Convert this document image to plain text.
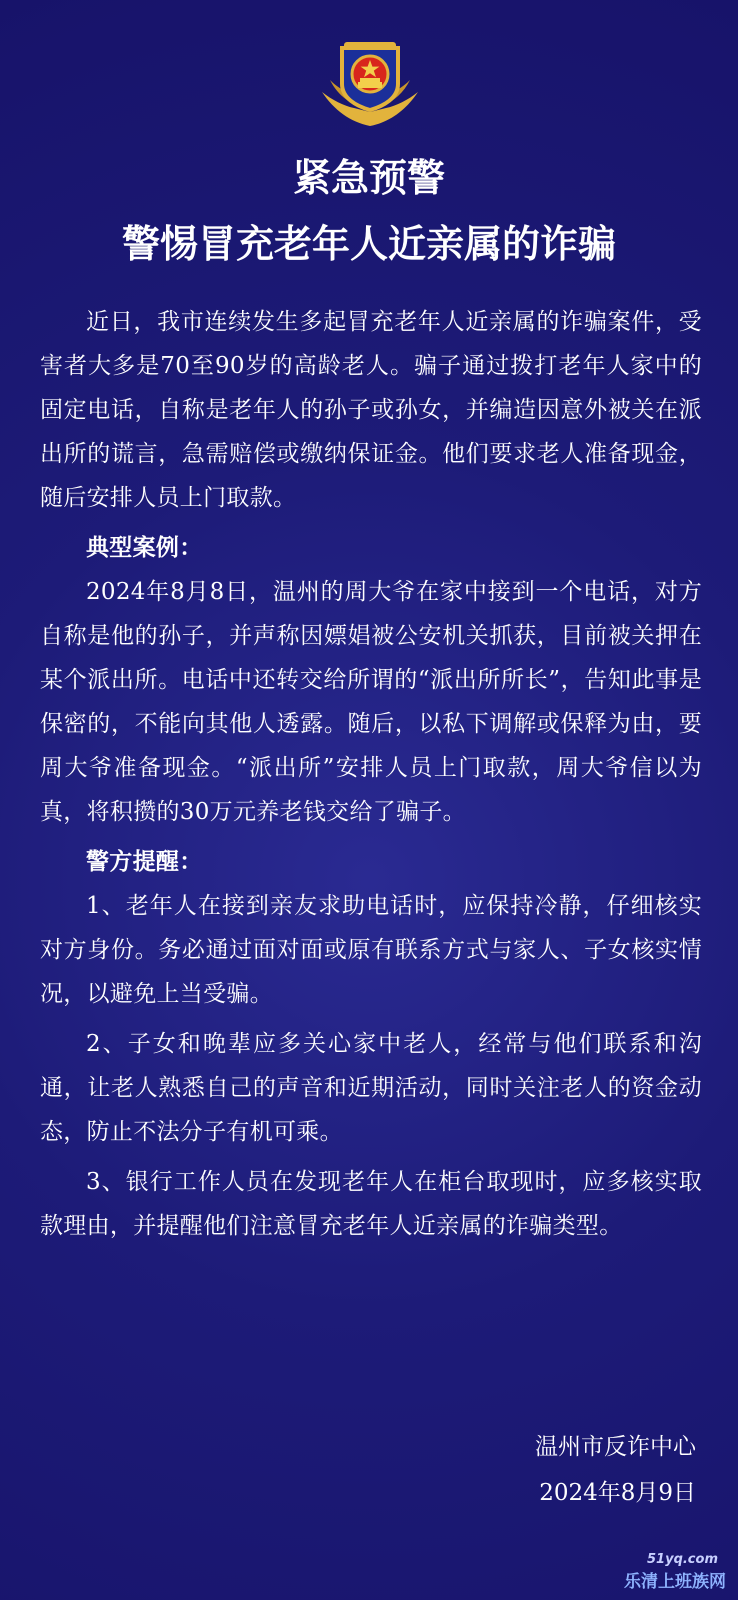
紧急预警

警惕冒充老年人近亲属的诈骗

近日，我市连续发生多起冒充老年人近亲属的诈骗案件，受害者大多是70至90岁的高龄老人。骗子通过拨打老年人家中的固定电话，自称是老年人的孙子或孙女，并编造因意外被关在派出所的谎言，急需赔偿或缴纳保证金。他们要求老人准备现金，随后安排人员上门取款。

典型案例：

2024年8月8日，温州的周大爷在家中接到一个电话，对方自称是他的孙子，并声称因嫖娼被公安机关抓获，目前被关押在某个派出所。电话中还转交给所谓的“派出所所长”，告知此事是保密的，不能向其他人透露。随后，以私下调解或保释为由，要周大爷准备现金。“派出所”安排人员上门取款，周大爷信以为真，将积攒的30万元养老钱交给了骗子。

警方提醒：

1、老年人在接到亲友求助电话时，应保持冷静，仔细核实对方身份。务必通过面对面或原有联系方式与家人、子女核实情况，以避免上当受骗。

2、子女和晚辈应多关心家中老人，经常与他们联系和沟通，让老人熟悉自己的声音和近期活动，同时关注老人的资金动态，防止不法分子有机可乘。

3、银行工作人员在发现老年人在柜台取现时，应多核实取款理由，并提醒他们注意冒充老年人近亲属的诈骗类型。

温州市反诈中心
2024年8月9日
51yq.com
乐清上班族网
